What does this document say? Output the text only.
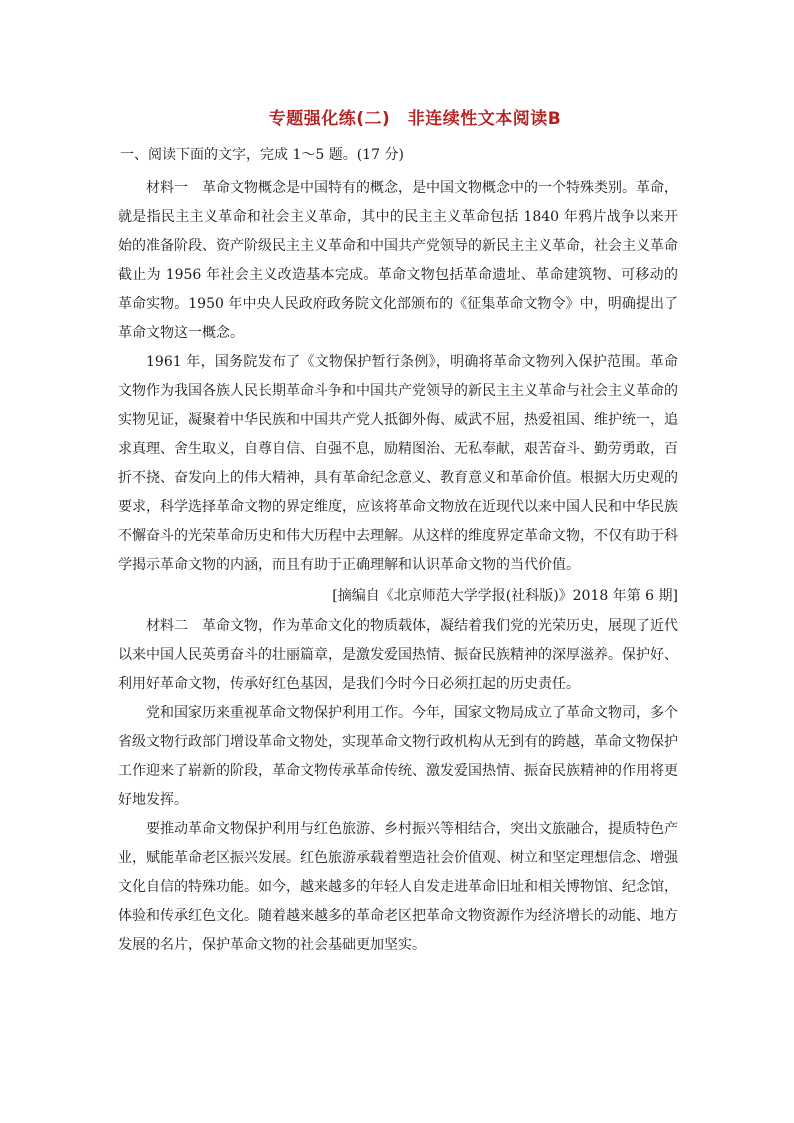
专题强化练(二)　非连续性文本阅读B
一、阅读下面的文字，完成 1～5 题。(17 分)

材料一 革命文物概念是中国特有的概念，是中国文物概念中的一个特殊类别。革命，就是指民主主义革命和社会主义革命，其中的民主主义革命包括 1840 年鸦片战争以来开始的准备阶段、资产阶级民主主义革命和中国共产党领导的新民主主义革命，社会主义革命截止为 1956 年社会主义改造基本完成。革命文物包括革命遗址、革命建筑物、可移动的革命实物。1950 年中央人民政府政务院文化部颁布的《征集革命文物令》中，明确提出了革命文物这一概念。

1961 年，国务院发布了《文物保护暂行条例》，明确将革命文物列入保护范围。革命文物作为我国各族人民长期革命斗争和中国共产党领导的新民主主义革命与社会主义革命的实物见证，凝聚着中华民族和中国共产党人抵御外侮、威武不屈，热爱祖国、维护统一，追求真理、舍生取义，自尊自信、自强不息，励精图治、无私奉献，艰苦奋斗、勤劳勇敢，百折不挠、奋发向上的伟大精神，具有革命纪念意义、教育意义和革命价值。根据大历史观的要求，科学选择革命文物的界定维度，应该将革命文物放在近现代以来中国人民和中华民族不懈奋斗的光荣革命历史和伟大历程中去理解。从这样的维度界定革命文物，不仅有助于科学揭示革命文物的内涵，而且有助于正确理解和认识革命文物的当代价值。

[摘编自《北京师范大学学报(社科版)》2018 年第 6 期]

材料二 革命文物，作为革命文化的物质载体，凝结着我们党的光荣历史，展现了近代以来中国人民英勇奋斗的壮丽篇章，是激发爱国热情、振奋民族精神的深厚滋养。保护好、利用好革命文物，传承好红色基因，是我们今时今日必须扛起的历史责任。

党和国家历来重视革命文物保护利用工作。今年，国家文物局成立了革命文物司，多个省级文物行政部门增设革命文物处，实现革命文物行政机构从无到有的跨越，革命文物保护工作迎来了崭新的阶段，革命文物传承革命传统、激发爱国热情、振奋民族精神的作用将更好地发挥。

要推动革命文物保护利用与红色旅游、乡村振兴等相结合，突出文旅融合，提质特色产业，赋能革命老区振兴发展。红色旅游承载着塑造社会价值观、树立和坚定理想信念、增强文化自信的特殊功能。如今，越来越多的年轻人自发走进革命旧址和相关博物馆、纪念馆，体验和传承红色文化。随着越来越多的革命老区把革命文物资源作为经济增长的动能、地方发展的名片，保护革命文物的社会基础更加坚实。
